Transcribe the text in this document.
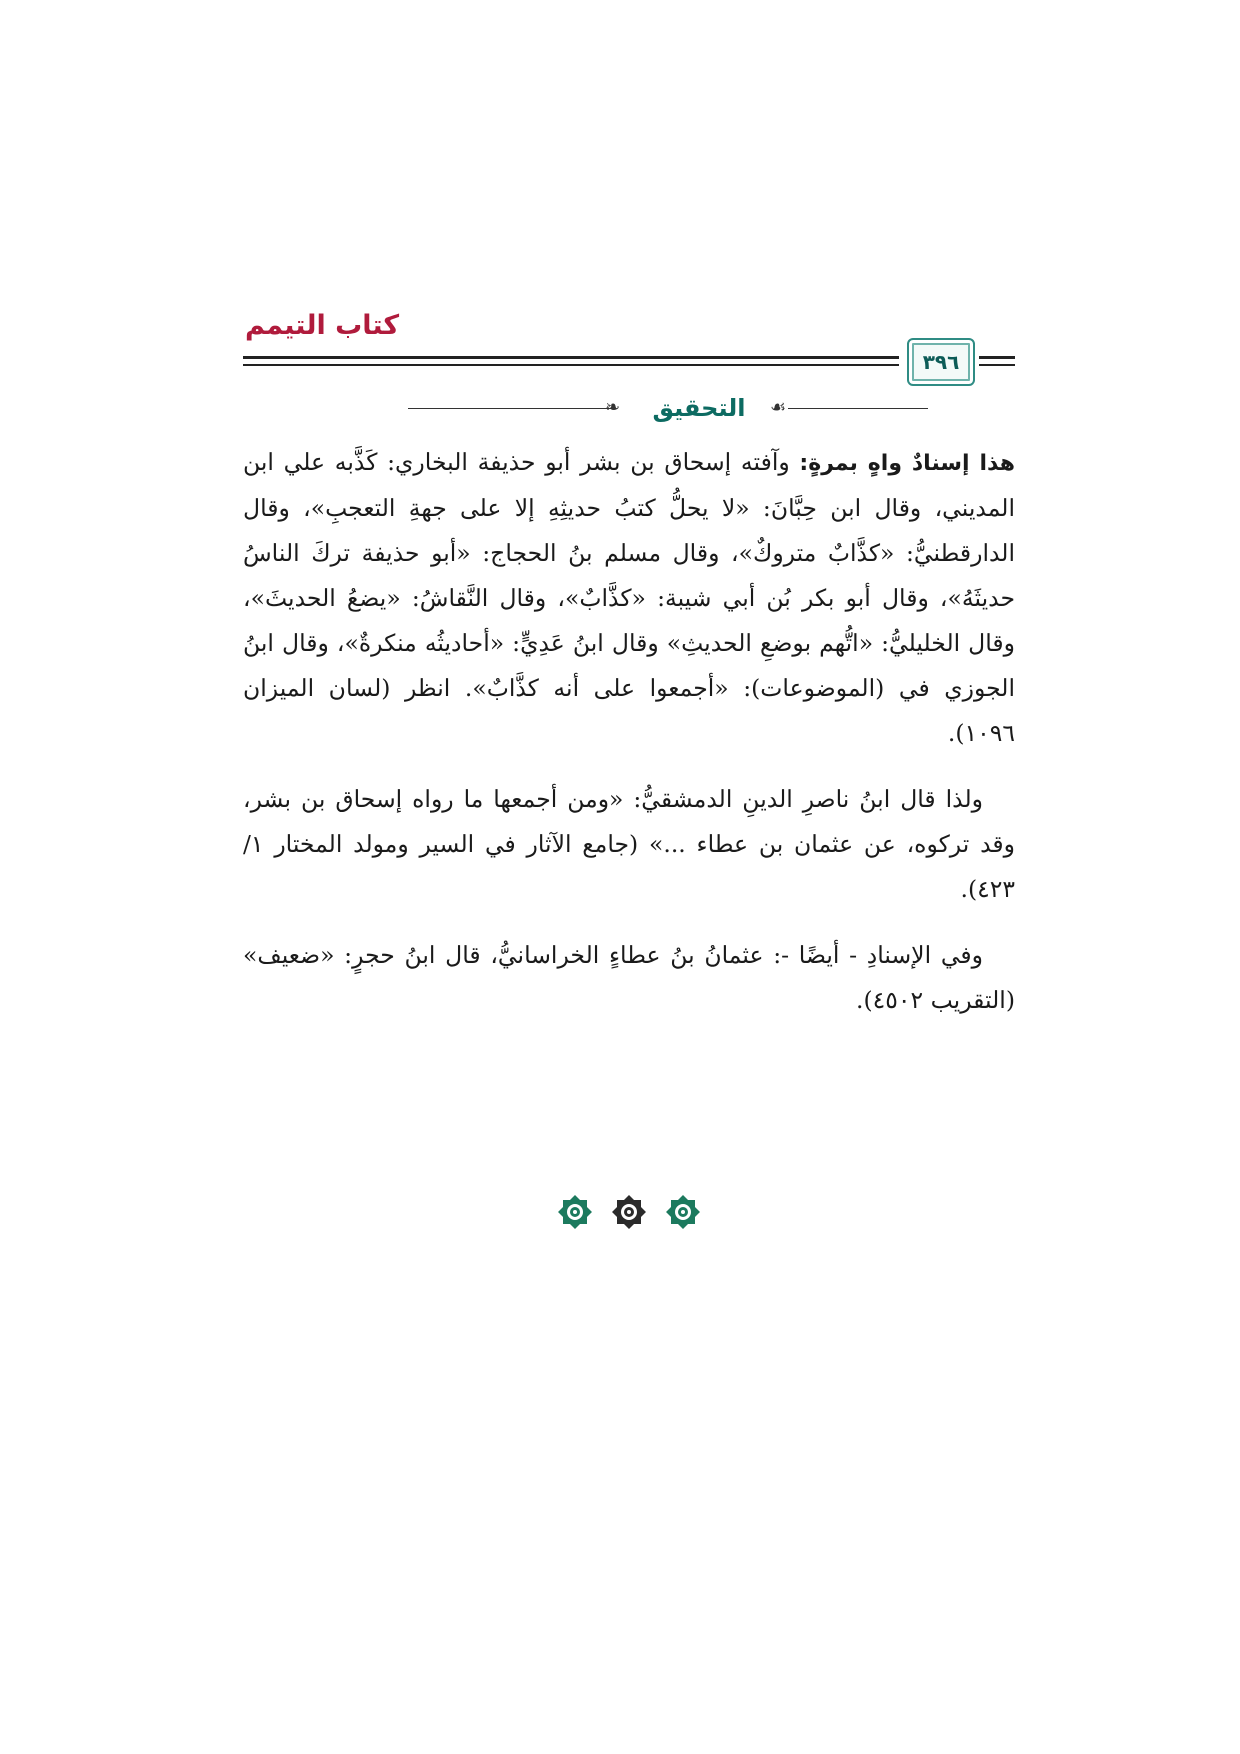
كتاب التيمم
٣٩٦
❧	التحقيق	☙

هذا إسنادٌ واهٍ بمرةٍ: وآفته إسحاق بن بشر أبو حذيفة البخاري: كَذَّبه علي ابن المديني، وقال ابن حِبَّانَ: «لا يحلُّ كتبُ حديثِهِ إلا على جهةِ التعجبِ»، وقال الدارقطنيُّ: «كذَّابٌ متروكٌ»، وقال مسلم بنُ الحجاج: «أبو حذيفة تركَ الناسُ حديثَهُ»، وقال أبو بكر بُن أبي شيبة: «كذَّابٌ»، وقال النَّقاشُ: «يضعُ الحديثَ»، وقال الخليليُّ: «اتُّهم بوضعِ الحديثِ» وقال ابنُ عَدِيٍّ: «أحاديثُه منكرةٌ»، وقال ابنُ الجوزي في (الموضوعات): «أجمعوا على أنه كذَّابٌ». انظر (لسان الميزان ١٠٩٦).

ولذا قال ابنُ ناصرِ الدينِ الدمشقيُّ: «ومن أجمعها ما رواه إسحاق بن بشر، وقد تركوه، عن عثمان بن عطاء ...» (جامع الآثار في السير ومولد المختار ١/ ٤٢٣).

وفي الإسنادِ - أيضًا -: عثمانُ بنُ عطاءٍ الخراسانيُّ، قال ابنُ حجرٍ: «ضعيف» (التقريب ٤٥٠٢).
